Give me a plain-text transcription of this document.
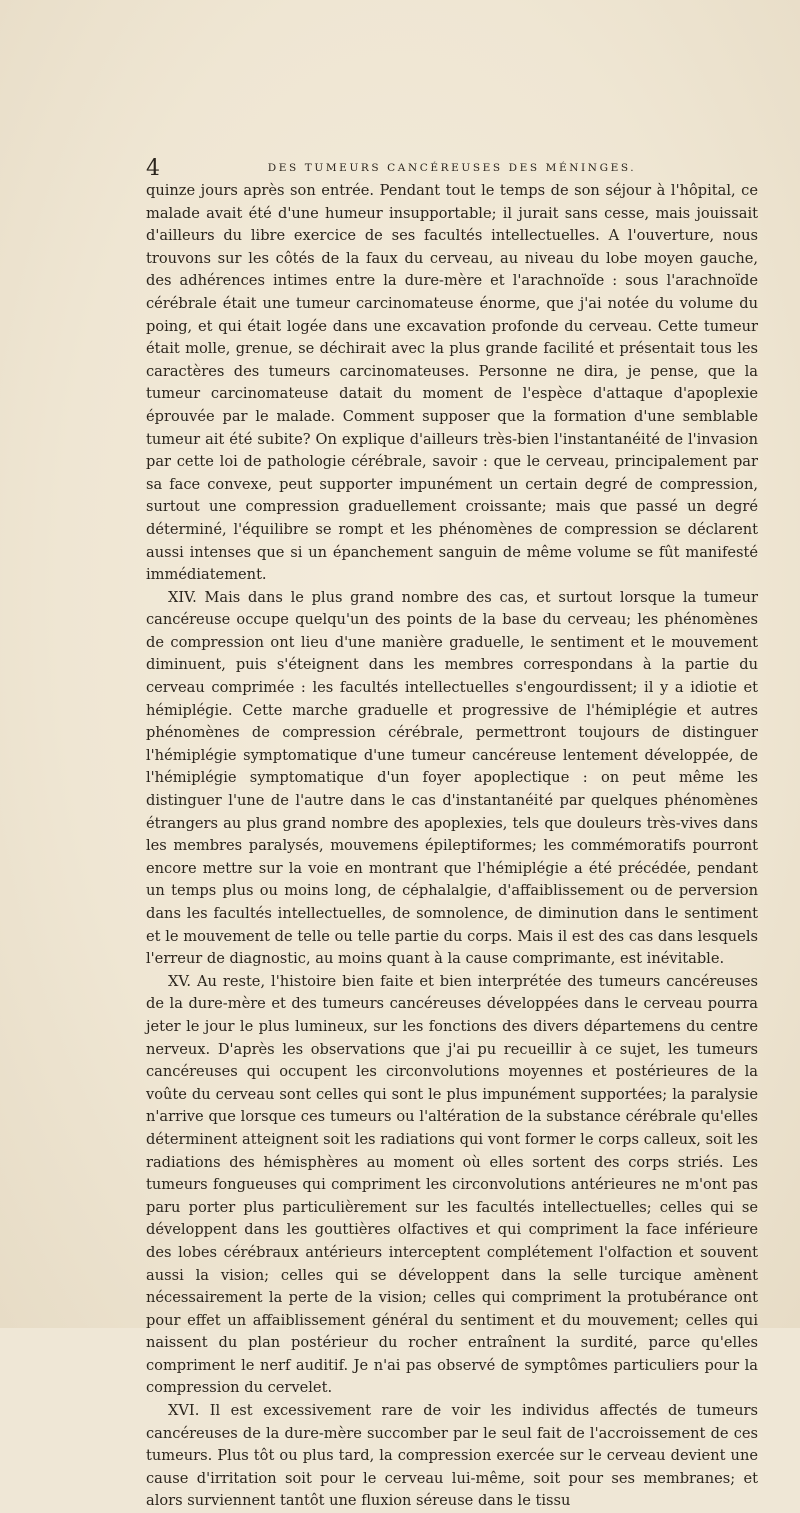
4	DES TUMEURS CANCÉREUSES DES MÉNINGES.

quinze jours après son entrée. Pendant tout le temps de son séjour à l'hôpital, ce malade avait été d'une humeur insupportable; il jurait sans cesse, mais jouissait d'ailleurs du libre exercice de ses facultés intellectuelles. A l'ouverture, nous trouvons sur les côtés de la faux du cerveau, au niveau du lobe moyen gauche, des adhérences intimes entre la dure-mère et l'arachnoïde : sous l'arachnoïde cérébrale était une tumeur carcinomateuse énorme, que j'ai notée du volume du poing, et qui était logée dans une excavation profonde du cerveau. Cette tumeur était molle, grenue, se déchirait avec la plus grande facilité et présentait tous les caractères des tumeurs carcinomateuses. Personne ne dira, je pense, que la tumeur carcinomateuse datait du moment de l'espèce d'attaque d'apoplexie éprouvée par le malade. Comment supposer que la formation d'une semblable tumeur ait été subite? On explique d'ailleurs très-bien l'instantanéité de l'invasion par cette loi de pathologie cérébrale, savoir : que le cerveau, principalement par sa face convexe, peut supporter impunément un certain degré de compression, surtout une compression graduellement croissante; mais que passé un degré déterminé, l'équilibre se rompt et les phénomènes de compression se déclarent aussi intenses que si un épanchement sanguin de même volume se fût manifesté immédiatement.

XIV. Mais dans le plus grand nombre des cas, et surtout lorsque la tumeur cancéreuse occupe quelqu'un des points de la base du cerveau; les phénomènes de compression ont lieu d'une manière graduelle, le sentiment et le mouvement diminuent, puis s'éteignent dans les membres correspondans à la partie du cerveau comprimée : les facultés intellectuelles s'engourdissent; il y a idiotie et hémiplégie. Cette marche graduelle et progressive de l'hémiplégie et autres phénomènes de compression cérébrale, permettront toujours de distinguer l'hémiplégie symptomatique d'une tumeur cancéreuse lentement développée, de l'hémiplégie symptomatique d'un foyer apoplectique : on peut même les distinguer l'une de l'autre dans le cas d'instantanéité par quelques phénomènes étrangers au plus grand nombre des apoplexies, tels que douleurs très-vives dans les membres paralysés, mouvemens épileptiformes; les commémoratifs pourront encore mettre sur la voie en montrant que l'hémiplégie a été précédée, pendant un temps plus ou moins long, de céphalalgie, d'affaiblissement ou de perversion dans les facultés intellectuelles, de somnolence, de diminution dans le sentiment et le mouvement de telle ou telle partie du corps. Mais il est des cas dans lesquels l'erreur de diagnostic, au moins quant à la cause comprimante, est inévitable.

XV. Au reste, l'histoire bien faite et bien interprétée des tumeurs cancéreuses de la dure-mère et des tumeurs cancéreuses développées dans le cerveau pourra jeter le jour le plus lumineux, sur les fonctions des divers départemens du centre nerveux. D'après les observations que j'ai pu recueillir à ce sujet, les tumeurs cancéreuses qui occupent les circonvolutions moyennes et postérieures de la voûte du cerveau sont celles qui sont le plus impunément supportées; la paralysie n'arrive que lorsque ces tumeurs ou l'altération de la substance cérébrale qu'elles déterminent atteignent soit les radiations qui vont former le corps calleux, soit les radiations des hémisphères au moment où elles sortent des corps striés. Les tumeurs fongueuses qui compriment les circonvolutions antérieures ne m'ont pas paru porter plus particulièrement sur les facultés intellectuelles; celles qui se développent dans les gouttières olfactives et qui compriment la face inférieure des lobes cérébraux antérieurs interceptent complétement l'olfaction et souvent aussi la vision; celles qui se développent dans la selle turcique amènent nécessairement la perte de la vision; celles qui compriment la protubérance ont pour effet un affaiblissement général du sentiment et du mouvement; celles qui naissent du plan postérieur du rocher entraînent la surdité, parce qu'elles compriment le nerf auditif. Je n'ai pas observé de symptômes particuliers pour la compression du cervelet.

XVI. Il est excessivement rare de voir les individus affectés de tumeurs cancéreuses de la dure-mère succomber par le seul fait de l'accroissement de ces tumeurs. Plus tôt ou plus tard, la compression exercée sur le cerveau devient une cause d'irritation soit pour le cerveau lui-même, soit pour ses membranes; et alors surviennent tantôt une fluxion séreuse dans le tissu
